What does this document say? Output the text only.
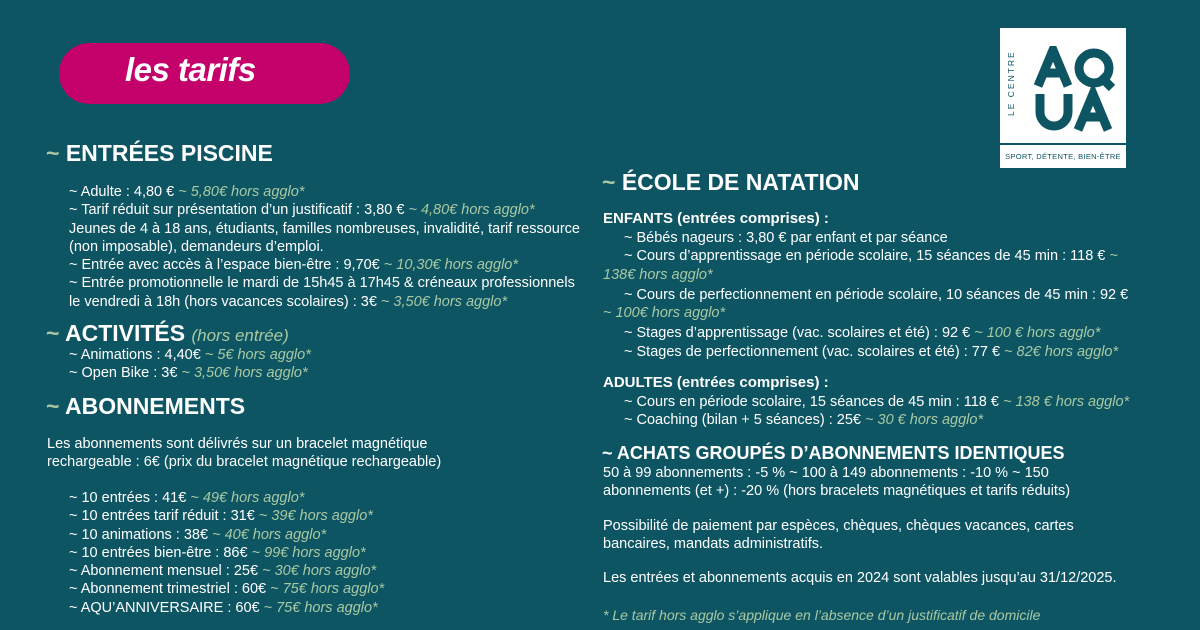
les tarifs	LE CENTRE
SPORT, DÉTENTE, BIEN-ÊTRE
~ ENTRÉES PISCINE
~ Adulte : 4,80 € ~ 5,80€ hors agglo*
~ Tarif réduit sur présentation d’un justificatif : 3,80 € ~ 4,80€ hors agglo*
Jeunes de 4 à 18 ans, étudiants, familles nombreuses, invalidité, tarif ressource
(non imposable), demandeurs d’emploi.
~ Entrée avec accès à l’espace bien-être : 9,70€ ~ 10,30€ hors agglo*
~ Entrée promotionnelle le mardi de 15h45 à 17h45 & créneaux professionnels
le vendredi à 18h (hors vacances scolaires) : 3€ ~ 3,50€ hors agglo*
~ ACTIVITÉS (hors entrée)
~ Animations : 4,40€ ~ 5€ hors agglo*
~ Open Bike : 3€ ~ 3,50€ hors agglo*
~ ABONNEMENTS
Les abonnements sont délivrés sur un bracelet magnétique
rechargeable : 6€ (prix du bracelet magnétique rechargeable)
~ 10 entrées : 41€ ~ 49€ hors agglo*
~ 10 entrées tarif réduit : 31€ ~ 39€ hors agglo*
~ 10 animations : 38€ ~ 40€ hors agglo*
~ 10 entrées bien-être : 86€ ~ 99€ hors agglo*
~ Abonnement mensuel : 25€ ~ 30€ hors agglo*
~ Abonnement trimestriel : 60€ ~ 75€ hors agglo*
~ AQU’ANNIVERSAIRE : 60€ ~ 75€ hors agglo*
~ ÉCOLE DE NATATION
ENFANTS (entrées comprises) :
~ Bébés nageurs : 3,80 € par enfant et par séance
~ Cours d’apprentissage en période scolaire, 15 séances de 45 min : 118 € ~
138€ hors agglo*
~ Cours de perfectionnement en période scolaire, 10 séances de 45 min : 92 €
~ 100€ hors agglo*
~ Stages d’apprentissage (vac. scolaires et été) : 92 € ~ 100 € hors agglo*
~ Stages de perfectionnement (vac. scolaires et été) : 77 € ~ 82€ hors agglo*
ADULTES (entrées comprises) :
~ Cours en période scolaire, 15 séances de 45 min : 118 € ~ 138 € hors agglo*
~ Coaching (bilan + 5 séances) : 25€ ~ 30 € hors agglo*
~ ACHATS GROUPÉS D’ABONNEMENTS IDENTIQUES
50 à 99 abonnements : -5 % ~ 100 à 149 abonnements : -10 % ~ 150
abonnements (et +) : -20 % (hors bracelets magnétiques et tarifs réduits)
Possibilité de paiement par espèces, chèques, chèques vacances, cartes
bancaires, mandats administratifs.
Les entrées et abonnements acquis en 2024 sont valables jusqu’au 31/12/2025.
* Le tarif hors agglo s’applique en l’absence d’un justificatif de domicile
